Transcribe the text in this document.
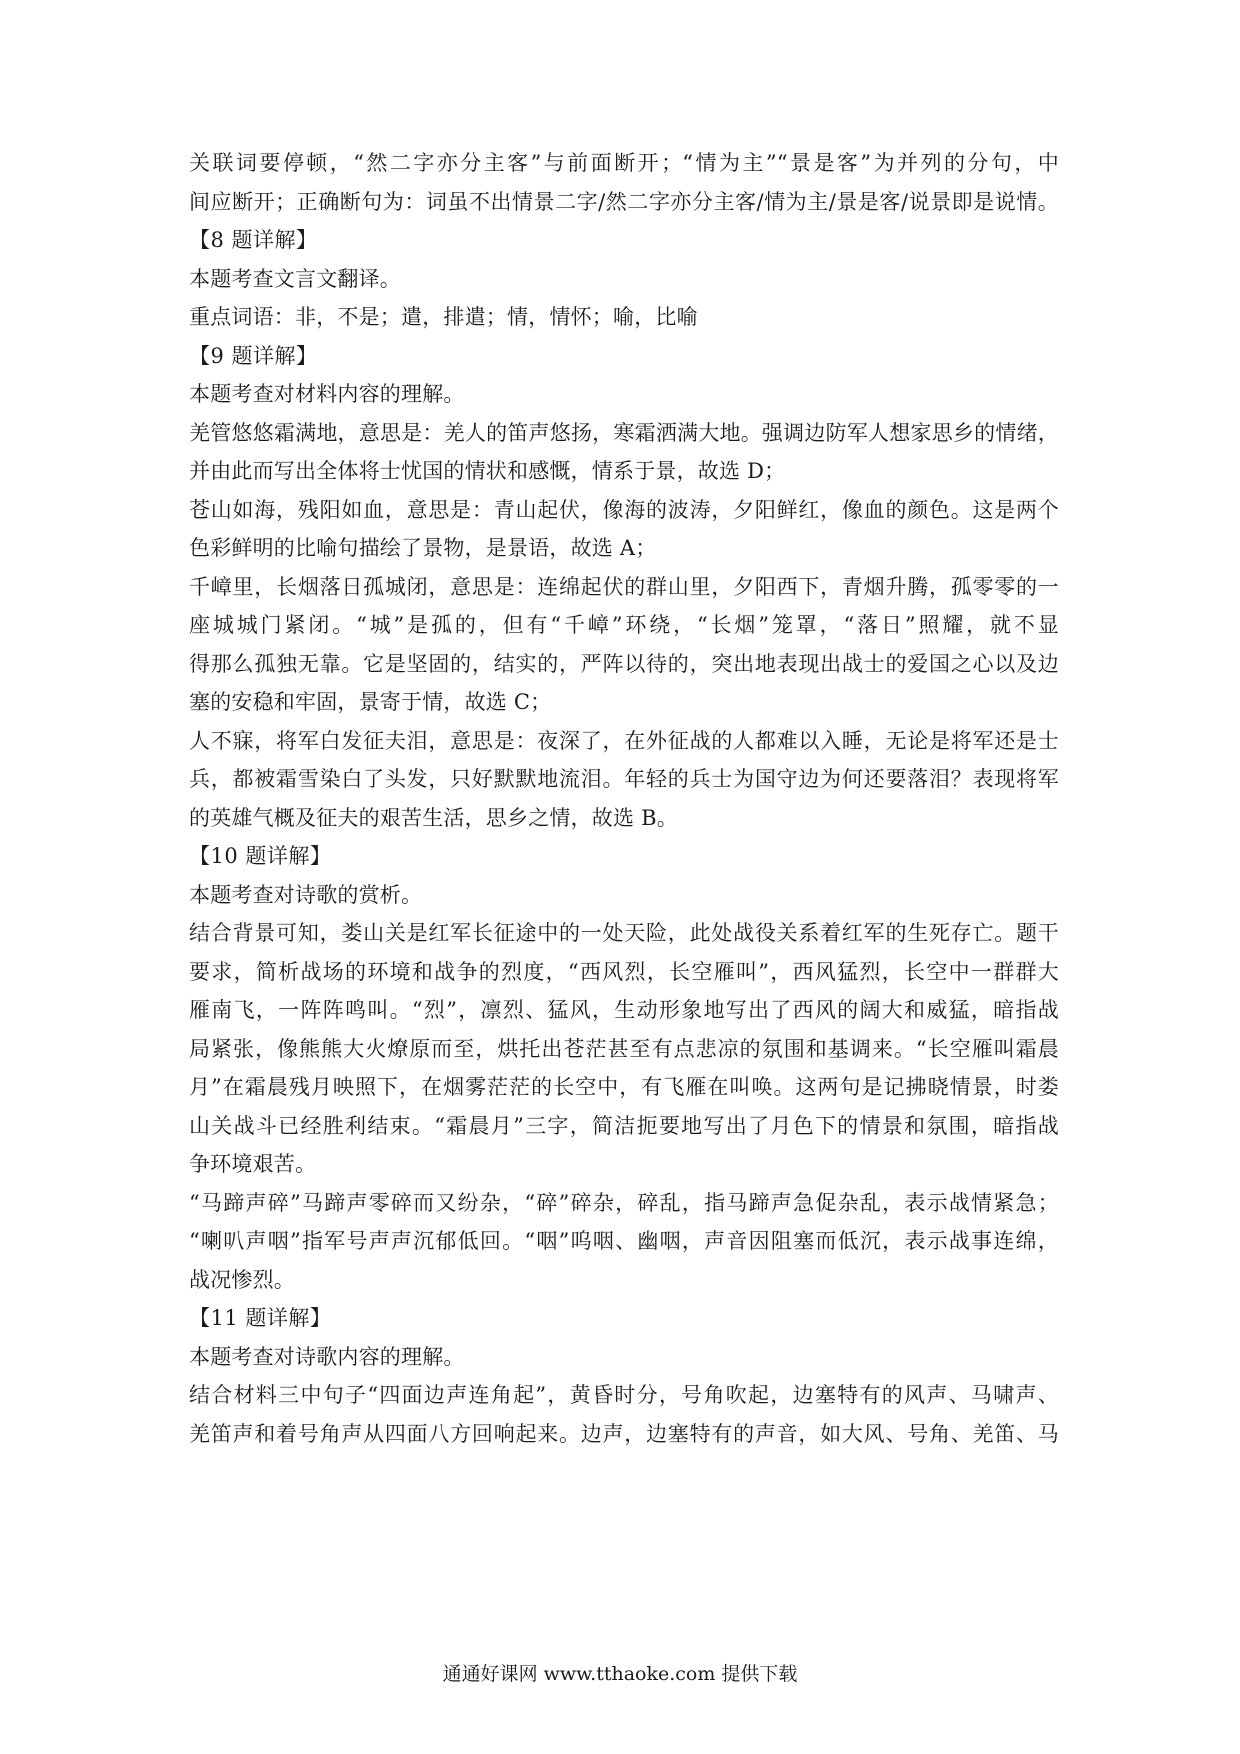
关联词要停顿，“然二字亦分主客”与前面断开；“情为主”“景是客”为并列的分句，中
间应断开；正确断句为：词虽不出情景二字/然二字亦分主客/情为主/景是客/说景即是说情。
【8 题详解】
本题考查文言文翻译。
重点词语：非，不是；遣，排遣；情，情怀；喻，比喻
【9 题详解】
本题考查对材料内容的理解。
羌管悠悠霜满地，意思是：羌人的笛声悠扬，寒霜洒满大地。强调边防军人想家思乡的情绪，
并由此而写出全体将士忧国的情状和感慨，情系于景，故选 D；
苍山如海，残阳如血，意思是：青山起伏，像海的波涛，夕阳鲜红，像血的颜色。这是两个
色彩鲜明的比喻句描绘了景物，是景语，故选 A；
千嶂里，长烟落日孤城闭，意思是：连绵起伏的群山里，夕阳西下，青烟升腾，孤零零的一
座城城门紧闭。“城”是孤的，但有“千嶂”环绕，“长烟”笼罩，“落日”照耀，就不显
得那么孤独无靠。它是坚固的，结实的，严阵以待的，突出地表现出战士的爱国之心以及边
塞的安稳和牢固，景寄于情，故选 C；
人不寐，将军白发征夫泪，意思是：夜深了，在外征战的人都难以入睡，无论是将军还是士
兵，都被霜雪染白了头发，只好默默地流泪。年轻的兵士为国守边为何还要落泪？表现将军
的英雄气概及征夫的艰苦生活，思乡之情，故选 B。
【10 题详解】
本题考查对诗歌的赏析。
结合背景可知，娄山关是红军长征途中的一处天险，此处战役关系着红军的生死存亡。题干
要求，简析战场的环境和战争的烈度，“西风烈，长空雁叫”，西风猛烈，长空中一群群大
雁南飞，一阵阵鸣叫。“烈”，凛烈、猛风，生动形象地写出了西风的阔大和威猛，暗指战
局紧张，像熊熊大火燎原而至，烘托出苍茫甚至有点悲凉的氛围和基调来。“长空雁叫霜晨
月”在霜晨残月映照下，在烟雾茫茫的长空中，有飞雁在叫唤。这两句是记拂晓情景，时娄
山关战斗已经胜利结束。“霜晨月”三字，简洁扼要地写出了月色下的情景和氛围，暗指战
争环境艰苦。
“马蹄声碎”马蹄声零碎而又纷杂，“碎”碎杂，碎乱，指马蹄声急促杂乱，表示战情紧急；
“喇叭声咽”指军号声声沉郁低回。“咽”呜咽、幽咽，声音因阻塞而低沉，表示战事连绵，
战况惨烈。
【11 题详解】
本题考查对诗歌内容的理解。
结合材料三中句子“四面边声连角起”，黄昏时分，号角吹起，边塞特有的风声、马啸声、
羌笛声和着号角声从四面八方回响起来。边声，边塞特有的声音，如大风、号角、羌笛、马
通通好课网 www.tthaoke.com 提供下载
